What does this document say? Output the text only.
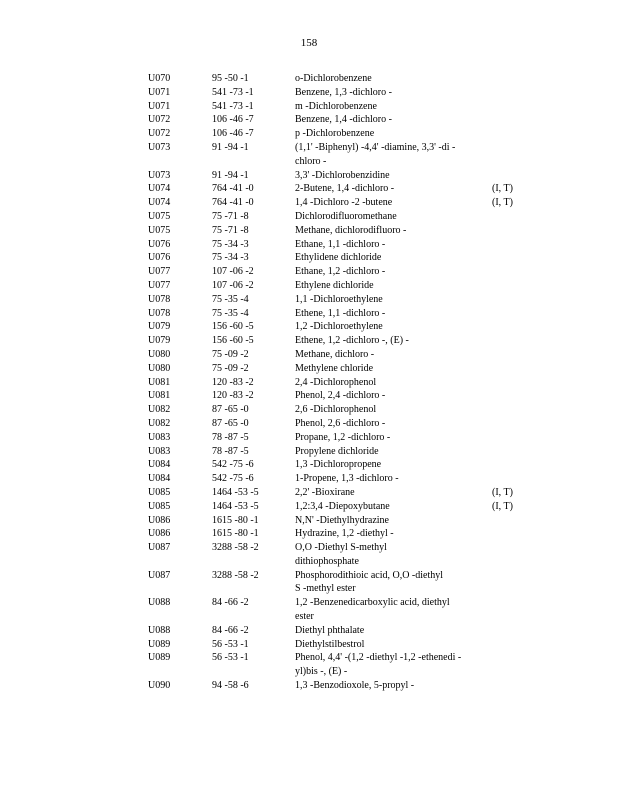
158
U070	95 -50 -1	o-Dichlorobenzene
U071	541 -73 -1	Benzene, 1,3 -dichloro -
U071	541 -73 -1	m -Dichlorobenzene
U072	106 -46 -7	Benzene, 1,4 -dichloro -
U072	106 -46 -7	p -Dichlorobenzene
U073	91 -94 -1	(1,1' -Biphenyl) -4,4' -diamine, 3,3' -di -
chloro -
U073	91 -94 -1	3,3' -Dichlorobenzidine
U074	764 -41 -0	2-Butene, 1,4 -dichloro -	(I, T)
U074	764 -41 -0	1,4 -Dichloro -2 -butene	(I, T)
U075	75 -71 -8	Dichlorodifluoromethane
U075	75 -71 -8	Methane, dichlorodifluoro -
U076	75 -34 -3	Ethane, 1,1 -dichloro -
U076	75 -34 -3	Ethylidene dichloride
U077	107 -06 -2	Ethane, 1,2 -dichloro -
U077	107 -06 -2	Ethylene dichloride
U078	75 -35 -4	1,1 -Dichloroethylene
U078	75 -35 -4	Ethene, 1,1 -dichloro -
U079	156 -60 -5	1,2 -Dichloroethylene
U079	156 -60 -5	Ethene, 1,2 -dichloro -, (E) -
U080	75 -09 -2	Methane, dichloro -
U080	75 -09 -2	Methylene chloride
U081	120 -83 -2	2,4 -Dichlorophenol
U081	120 -83 -2	Phenol, 2,4 -dichloro -
U082	87 -65 -0	2,6 -Dichlorophenol
U082	87 -65 -0	Phenol, 2,6 -dichloro -
U083	78 -87 -5	Propane, 1,2 -dichloro -
U083	78 -87 -5	Propylene dichloride
U084	542 -75 -6	1,3 -Dichloropropene
U084	542 -75 -6	1-Propene, 1,3 -dichloro -
U085	1464 -53 -5	2,2' -Bioxirane	(I, T)
U085	1464 -53 -5	1,2:3,4 -Diepoxybutane	(I, T)
U086	1615 -80 -1	N,N' -Diethylhydrazine
U086	1615 -80 -1	Hydrazine, 1,2 -diethyl -
U087	3288 -58 -2	O,O -Diethyl S-methyl
dithiophosphate
U087	3288 -58 -2	Phosphorodithioic acid, O,O -diethyl
S -methyl ester
U088	84 -66 -2	1,2 -Benzenedicarboxylic acid, diethyl
ester
U088	84 -66 -2	Diethyl phthalate
U089	56 -53 -1	Diethylstilbestrol
U089	56 -53 -1	Phenol, 4,4' -(1,2 -diethyl -1,2 -ethenedi -
yl)bis -, (E) -
U090	94 -58 -6	1,3 -Benzodioxole, 5-propyl -
